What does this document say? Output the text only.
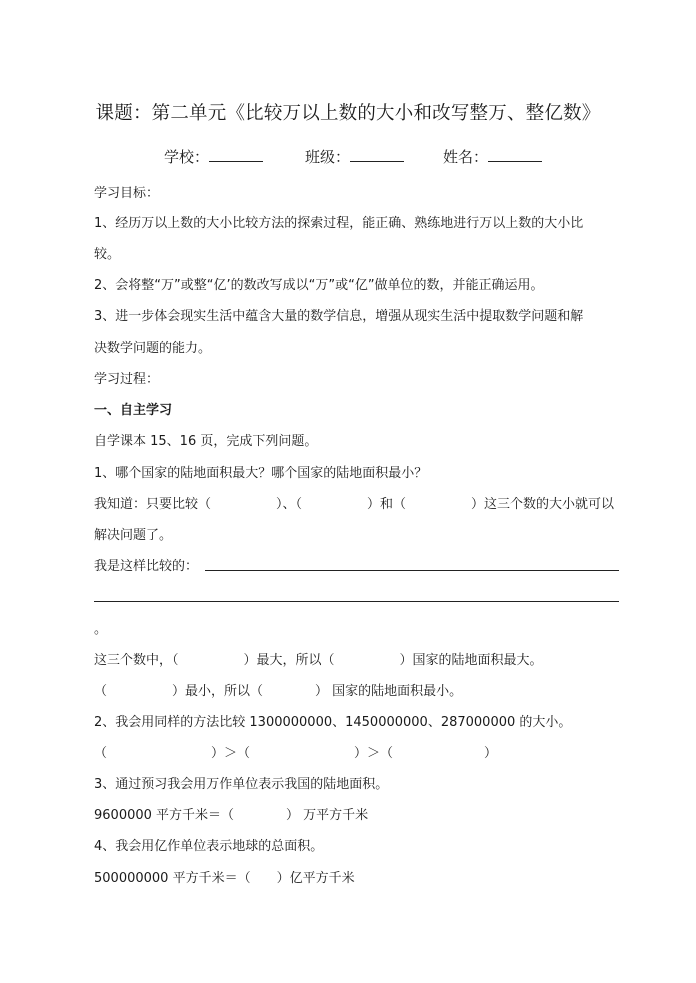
课题：第二单元《比较万以上数的大小和改写整万、整亿数》
学校：	班级：	姓名：
学习目标：
1、经历万以上数的大小比较方法的探索过程，能正确、熟练地进行万以上数的大小比
较。
2、会将整“万”或整“亿’的数改写成以“万”或“亿”做单位的数，并能正确运用。
3、进一步体会现实生活中蕴含大量的数学信息，增强从现实生活中提取数学问题和解
决数学问题的能力。
学习过程：
一、自主学习
自学课本 15、16 页，完成下列问题。
1、哪个国家的陆地面积最大？哪个国家的陆地面积最小？
我知道：只要比较（　　　　　）、（　　　　　）和（　　　　　）这三个数的大小就可以
解决问题了。
我是这样比较的：
。
这三个数中，（　　　　　）最大，所以（　　　　　）国家的陆地面积最大。
（　　　　　）最小，所以（　　　　） 国家的陆地面积最小。
2、我会用同样的方法比较 1300000000、1450000000、287000000 的大小。
（　　　　　　　　）＞（　　　　　　　　）＞（　　　　　　　）
3、通过预习我会用万作单位表示我国的陆地面积。
9600000 平方千米＝（　　　　） 万平方千米
4、我会用亿作单位表示地球的总面积。
500000000 平方千米＝（　　）亿平方千米
